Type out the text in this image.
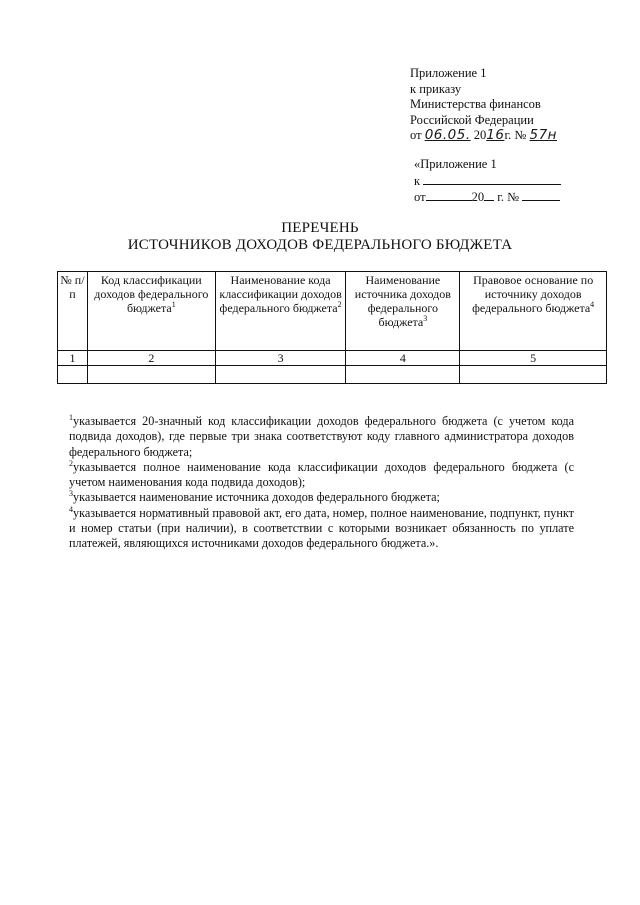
Приложение 1
к приказу
Министерства финансов
Российской Федерации
от 06.05. 2016г. № 57н
«Приложение 1
к
от	20 г. №
ПЕРЕЧЕНЬ
ИСТОЧНИКОВ ДОХОДОВ ФЕДЕРАЛЬНОГО БЮДЖЕТА
№ п/п	Код классификации доходов федерального бюджета$^1$	Наименование кода классификации доходов федерального бюджета$^2$	Наименование источника доходов федерального бюджета$^3$	Правовое основание по источнику доходов федерального бюджета$^4$
1	2	3	4	5

$^1$указывается 20-значный код классификации доходов федерального бюджета (с учетом кода подвида доходов), где первые три знака соответствуют коду главного администратора доходов федерального бюджета;

$^2$указывается полное наименование кода классификации доходов федерального бюджета (с учетом наименования кода подвида доходов);

$^3$указывается наименование источника доходов федерального бюджета;

$^4$указывается нормативный правовой акт, его дата, номер, полное наименование, подпункт, пункт и номер статьи (при наличии), в соответствии с которыми возникает обязанность по уплате платежей, являющихся источниками доходов федерального бюджета.».
